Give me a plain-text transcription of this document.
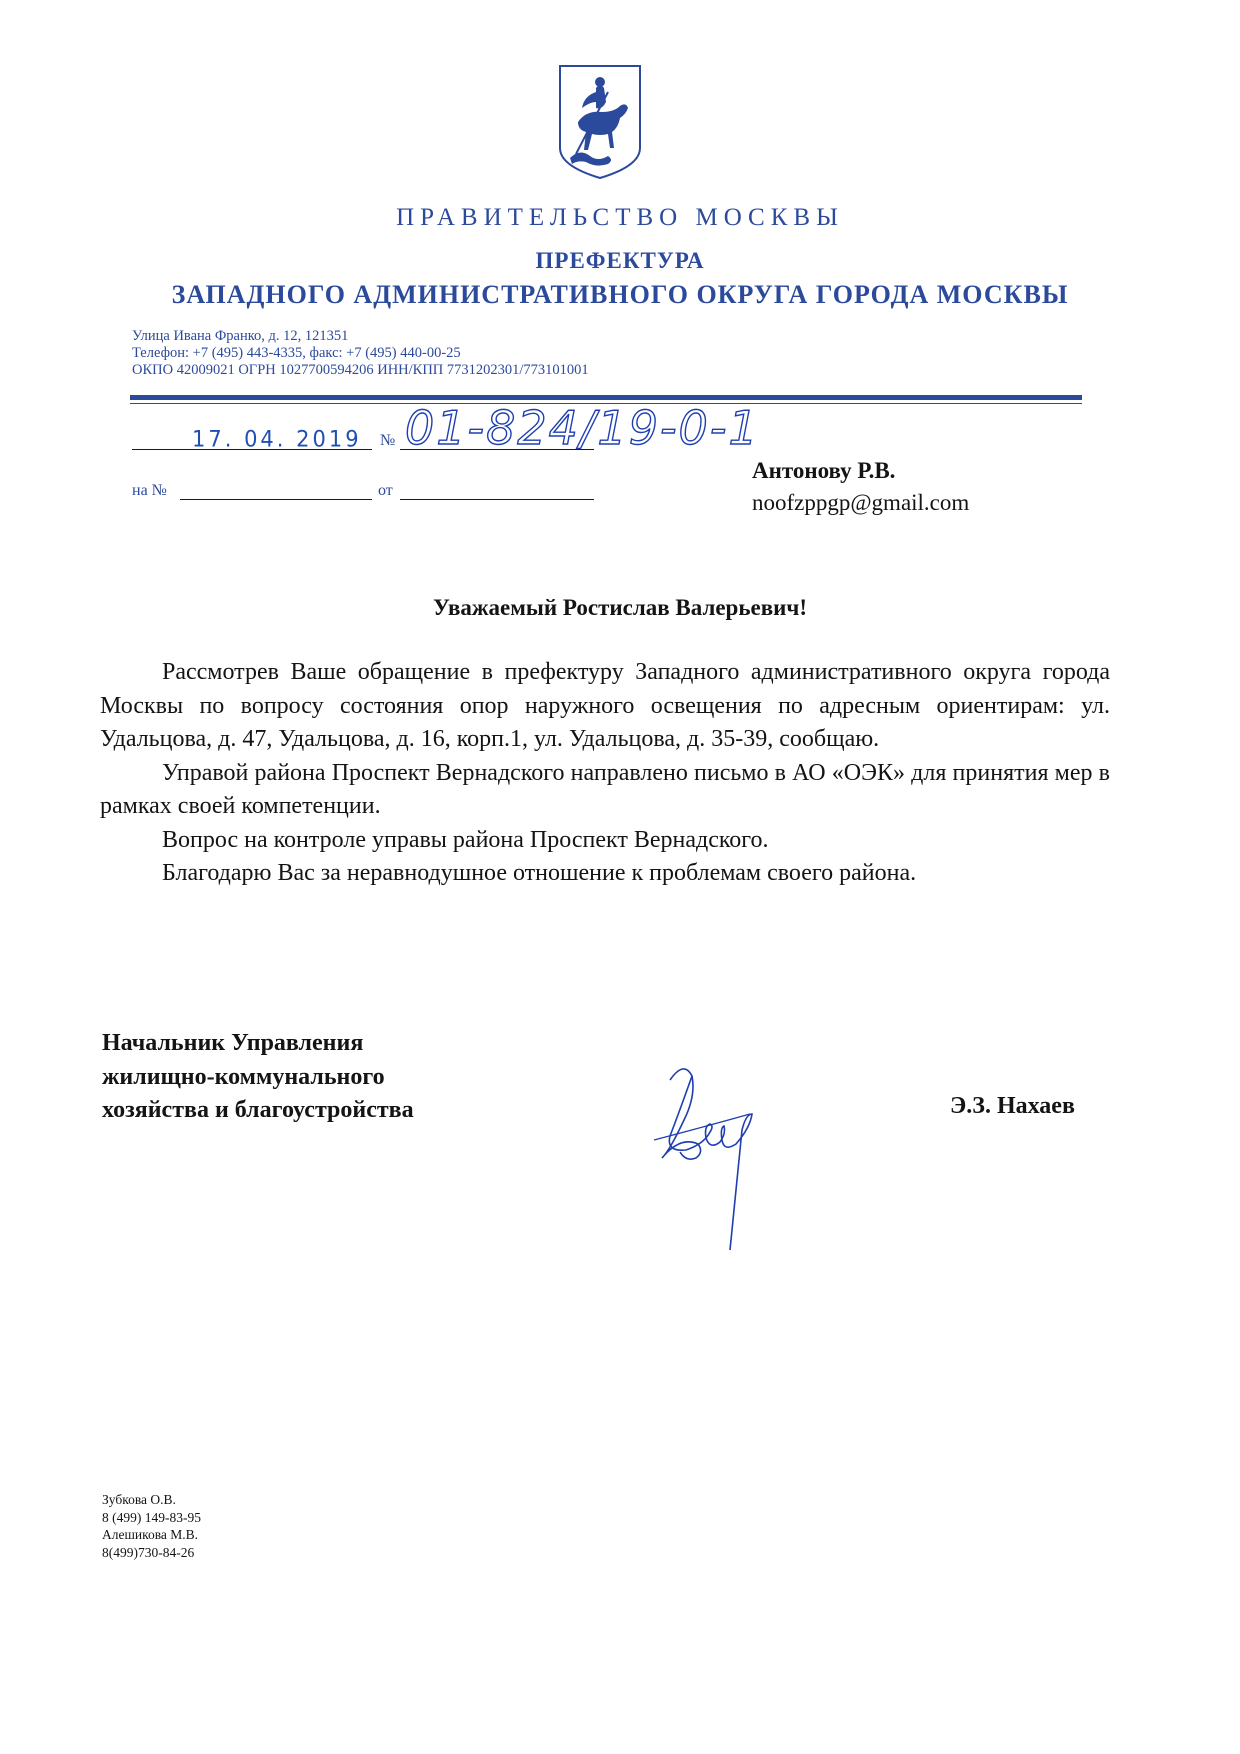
ПРАВИТЕЛЬСТВО МОСКВЫ
ПРЕФЕКТУРА
ЗАПАДНОГО АДМИНИСТРАТИВНОГО ОКРУГА ГОРОДА МОСКВЫ
Улица Ивана Франко, д. 12, 121351
Телефон: +7 (495) 443-4335, факс: +7 (495) 440-00-25
ОКПО 42009021 ОГРН 1027700594206 ИНН/КПП 7731202301/773101001
17. 04. 2019 № 01-824/19-0-1
на №	от
Антонову Р.В.
noofzppgp@gmail.com
Уважаемый Ростислав Валерьевич!

Рассмотрев Ваше обращение в префектуру Западного административного округа города Москвы по вопросу состояния опор наружного освещения по адресным ориентирам: ул. Удальцова, д. 47, Удальцова, д. 16, корп.1, ул. Удальцова, д. 35-39, сообщаю.

Управой района Проспект Вернадского направлено письмо в АО «ОЭК» для принятия мер в рамках своей компетенции.

Вопрос на контроле управы района Проспект Вернадского.

Благодарю Вас за неравнодушное отношение к проблемам своего района.

Начальник Управления
жилищно-коммунального
хозяйства и благоустройства	Э.З. Нахаев
Зубкова О.В.
8 (499) 149-83-95
Алешикова М.В.
8(499)730-84-26
